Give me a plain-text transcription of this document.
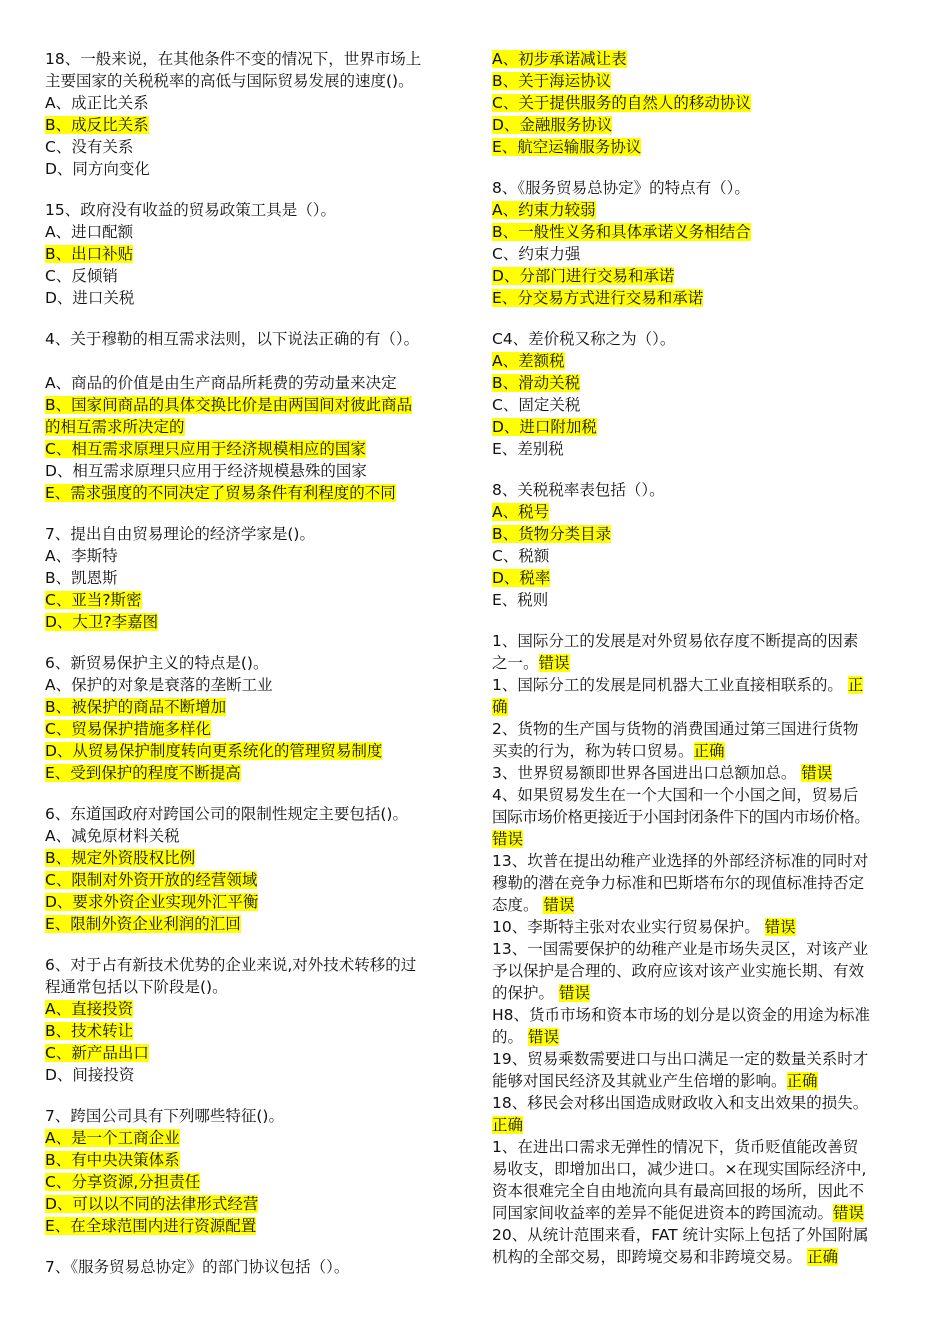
18、一般来说，在其他条件不变的情况下，世界市场上
主要国家的关税税率的高低与国际贸易发展的速度()。
A、成正比关系
B、成反比关系
C、没有关系
D、同方向变化
15、政府没有收益的贸易政策工具是（）。
A、进口配额
B、出口补贴
C、反倾销
D、进口关税
4、关于穆勒的相互需求法则，以下说法正确的有（）。

A、商品的价值是由生产商品所耗费的劳动量来决定
B、国家间商品的具体交换比价是由两国间对彼此商品
的相互需求所决定的
C、相互需求原理只应用于经济规模相应的国家
D、相互需求原理只应用于经济规模悬殊的国家
E、需求强度的不同决定了贸易条件有利程度的不同
7、提出自由贸易理论的经济学家是()。
A、李斯特
B、凯恩斯
C、亚当?斯密
D、大卫?李嘉图
6、新贸易保护主义的特点是()。
A、保护的对象是衰落的垄断工业
B、被保护的商品不断增加
C、贸易保护措施多样化
D、从贸易保护制度转向更系统化的管理贸易制度
E、受到保护的程度不断提高
6、东道国政府对跨国公司的限制性规定主要包括()。
A、减免原材料关税
B、规定外资股权比例
C、限制对外资开放的经营领域
D、要求外资企业实现外汇平衡
E、限制外资企业利润的汇回
6、对于占有新技术优势的企业来说,对外技术转移的过
程通常包括以下阶段是()。
A、直接投资
B、技术转让
C、新产品出口
D、间接投资
7、跨国公司具有下列哪些特征()。
A、是一个工商企业
B、有中央决策体系
C、分享资源,分担责任
D、可以以不同的法律形式经营
E、在全球范围内进行资源配置
7、《服务贸易总协定》的部门协议包括（）。
A、初步承诺减让表
B、关于海运协议
C、关于提供服务的自然人的移动协议
D、金融服务协议
E、航空运输服务协议
8、《服务贸易总协定》的特点有（）。
A、约束力较弱
B、一般性义务和具体承诺义务相结合
C、约束力强
D、分部门进行交易和承诺
E、分交易方式进行交易和承诺
C4、差价税又称之为（）。
A、差额税
B、滑动关税
C、固定关税
D、进口附加税
E、差别税
8、关税税率表包括（）。
A、税号
B、货物分类目录
C、税额
D、税率
E、税则
1、国际分工的发展是对外贸易依存度不断提高的因素
之一。错误
1、国际分工的发展是同机器大工业直接相联系的。 正
确
2、货物的生产国与货物的消费国通过第三国进行货物
买卖的行为，称为转口贸易。正确
3、世界贸易额即世界各国进出口总额加总。 错误
4、如果贸易发生在一个大国和一个小国之间，贸易后
国际市场价格更接近于小国封闭条件下的国内市场价格。
错误
13、坎普在提出幼稚产业选择的外部经济标准的同时对
穆勒的潜在竞争力标准和巴斯塔布尔的现值标准持否定
态度。 错误
10、李斯特主张对农业实行贸易保护。 错误
13、一国需要保护的幼稚产业是市场失灵区，对该产业
予以保护是合理的、政府应该对该产业实施长期、有效
的保护。 错误
H8、货币市场和资本市场的划分是以资金的用途为标准
的。 错误
19、贸易乘数需要进口与出口满足一定的数量关系时才
能够对国民经济及其就业产生倍增的影响。正确
18、移民会对移出国造成财政收入和支出效果的损失。
正确
1、在进出口需求无弹性的情况下，货币贬值能改善贸
易收支，即增加出口，减少进口。×在现实国际经济中,
资本很难完全自由地流向具有最高回报的场所，因此不
同国家间收益率的差异不能促进资本的跨国流动。错误
20、从统计范围来看，FAT 统计实际上包括了外国附属
机构的全部交易，即跨境交易和非跨境交易。 正确
